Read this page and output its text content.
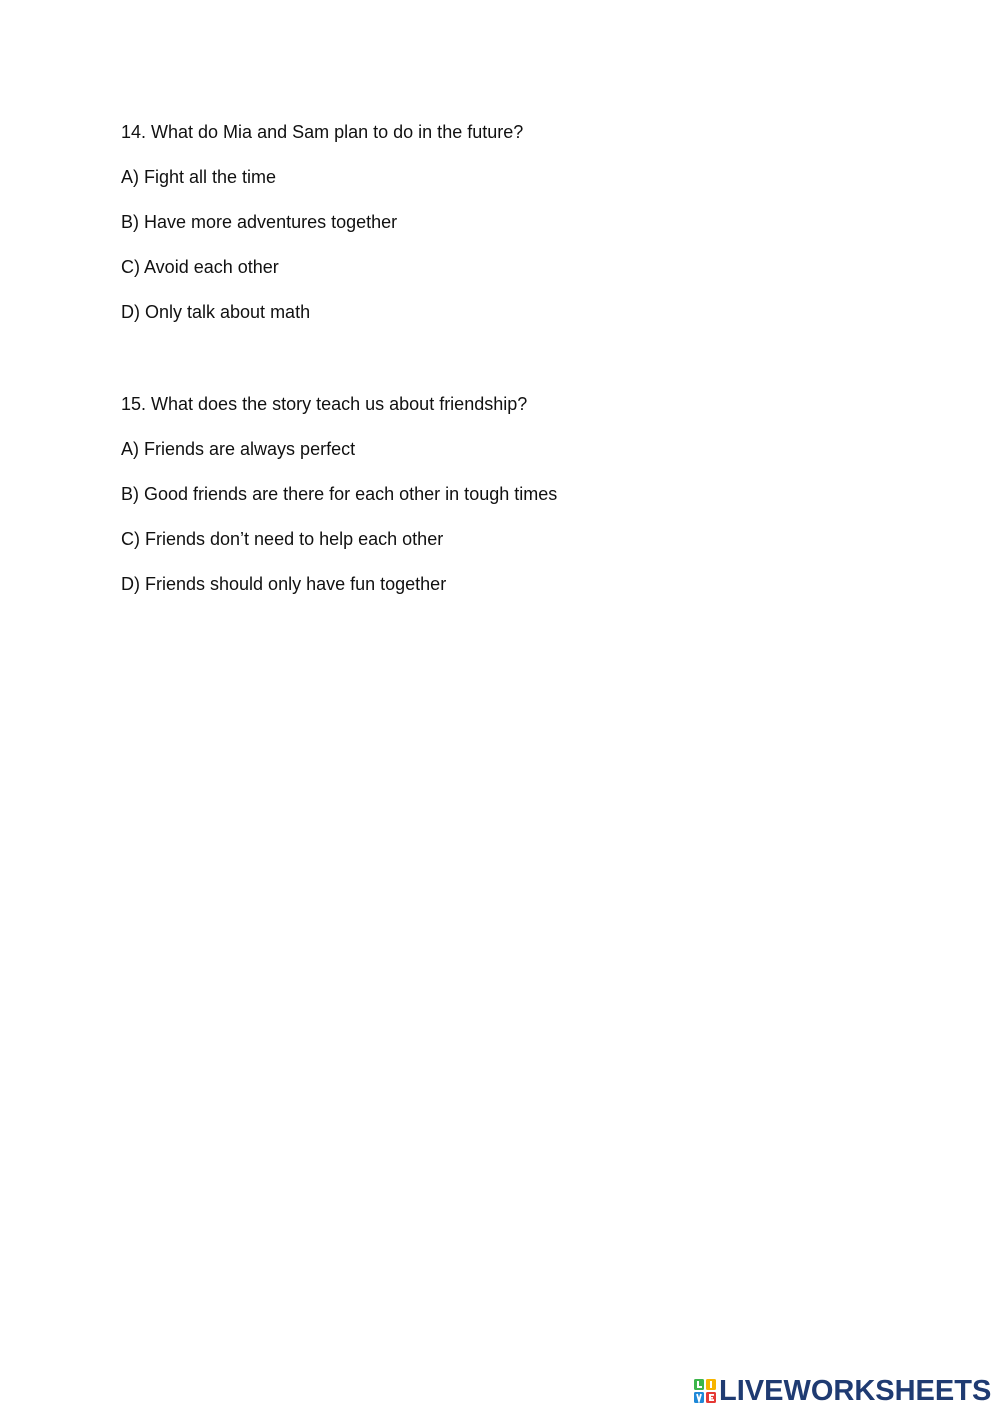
14. What do Mia and Sam plan to do in the future?

A) Fight all the time

B) Have more adventures together

C) Avoid each other

D) Only talk about math

15. What does the story teach us about friendship?

A) Friends are always perfect

B) Good friends are there for each other in tough times

C) Friends don’t need to help each other

D) Friends should only have fun together

LIVEWORKSHEETS
